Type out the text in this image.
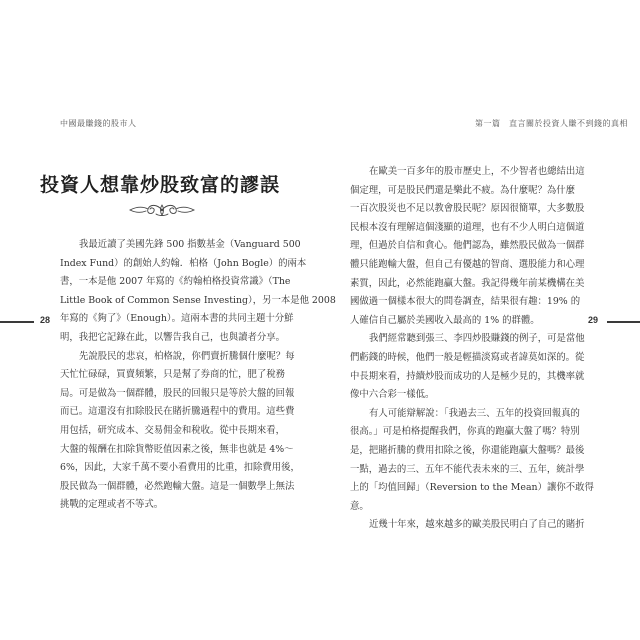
中國最賺錢的股市人
投資人想靠炒股致富的謬誤
我最近讀了美國先鋒 500 指數基金（Vanguard 500
Index Fund）的創始人約翰．柏格（John Bogle）的兩本
書，一本是他 2007 年寫的《約翰柏格投資常識》（The
Little Book of Common Sense Investing），另一本是他 2008
年寫的《夠了》（Enough）。這兩本書的共同主題十分鮮
明，我把它記錄在此，以響告我自己，也與讀者分享。
先說股民的悲哀，柏格說，你們賣折騰個什麼呢？每
天忙忙碌碌，買賣頻繁，只是幫了券商的忙，肥了稅務
局。可是做為一個群體，股民的回報只是等於大盤的回報
而已。這還沒有扣除股民在賭折騰過程中的費用。這些費
用包括，研究成本、交易佣金和稅收。從中長期來看，
大盤的報酬在扣除貨幣貶值因素之後，無非也就是 4%～
6%，因此，大家千萬不要小看費用的比重，扣除費用後，
股民做為一個群體，必然跑輸大盤。這是一個數學上無法
挑戰的定理或者不等式。
28
第一篇　直言關於投資人賺不到錢的真相
在歐美一百多年的股市歷史上，不少智者也總結出這
個定理，可是股民們還是樂此不疲。為什麼呢？為什麼
一百次股災也不足以教會股民呢？原因很簡單，大多數股
民根本沒有理解這個淺顯的道理，也有不少人明白這個道
理，但過於自信和貪心。他們認為，雖然股民做為一個群
體只能跑輸大盤，但自己有優越的智商、選股能力和心理
素質，因此，必然能跑贏大盤。我記得幾年前某機構在美
國做過一個樣本很大的問卷調查，結果很有趣：19% 的
人確信自己屬於美國收入最高的 1% 的群體。
我們經常聽到張三、李四炒股賺錢的例子，可是當他
們虧錢的時候，他們一般是輕描淡寫或者諱莫如深的。從
中長期來看，持續炒股而成功的人是極少見的，其機率就
像中六合彩一樣低。
有人可能辯解說：「我過去三、五年的投資回報真的
很高。」可是柏格提醒我們，你真的跑贏大盤了嗎？特別
是，把賭折騰的費用扣除之後，你還能跑贏大盤嗎？最後
一點，過去的三、五年不能代表未來的三、五年，統計學
上的「均值回歸」（Reversion to the Mean）讓你不敢得
意。
近幾十年來，越來越多的歐美股民明白了自己的賭折
29
